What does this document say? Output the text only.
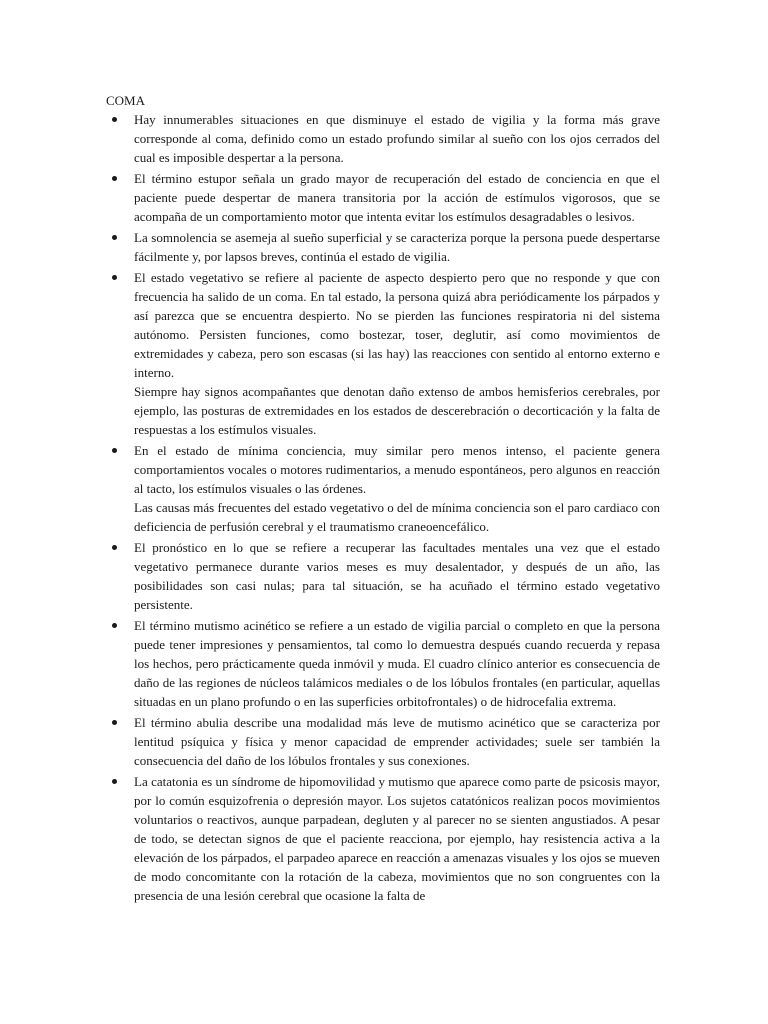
COMA

Hay innumerables situaciones en que disminuye el estado de vigilia y la forma más grave corresponde al coma, definido como un estado profundo similar al sueño con los ojos cerrados del cual es imposible despertar a la persona.

El término estupor señala un grado mayor de recuperación del estado de conciencia en que el paciente puede despertar de manera transitoria por la acción de estímulos vigorosos, que se acompaña de un comportamiento motor que intenta evitar los estímulos desagradables o lesivos.

La somnolencia se asemeja al sueño superficial y se caracteriza porque la persona puede despertarse fácilmente y, por lapsos breves, continúa el estado de vigilia.

El estado vegetativo se refiere al paciente de aspecto despierto pero que no responde y que con frecuencia ha salido de un coma. En tal estado, la persona quizá abra periódicamente los párpados y así parezca que se encuentra despierto. No se pierden las funciones respiratoria ni del sistema autónomo. Persisten funciones, como bostezar, toser, deglutir, así como movimientos de extremidades y cabeza, pero son escasas (si las hay) las reacciones con sentido al entorno externo e interno.

Siempre hay signos acompañantes que denotan daño extenso de ambos hemisferios cerebrales, por ejemplo, las posturas de extremidades en los estados de descerebración o decorticación y la falta de respuestas a los estímulos visuales.

En el estado de mínima conciencia, muy similar pero menos intenso, el paciente genera comportamientos vocales o motores rudimentarios, a menudo espontáneos, pero algunos en reacción al tacto, los estímulos visuales o las órdenes.

Las causas más frecuentes del estado vegetativo o del de mínima conciencia son el paro cardiaco con deficiencia de perfusión cerebral y el traumatismo craneoencefálico.

El pronóstico en lo que se refiere a recuperar las facultades mentales una vez que el estado vegetativo permanece durante varios meses es muy desalentador, y después de un año, las posibilidades son casi nulas; para tal situación, se ha acuñado el término estado vegetativo persistente.

El término mutismo acinético se refiere a un estado de vigilia parcial o completo en que la persona puede tener impresiones y pensamientos, tal como lo demuestra después cuando recuerda y repasa los hechos, pero prácticamente queda inmóvil y muda. El cuadro clínico anterior es consecuencia de daño de las regiones de núcleos talámicos mediales o de los lóbulos frontales (en particular, aquellas situadas en un plano profundo o en las superficies orbitofrontales) o de hidrocefalia extrema.

El término abulia describe una modalidad más leve de mutismo acinético que se caracteriza por lentitud psíquica y física y menor capacidad de emprender actividades; suele ser también la consecuencia del daño de los lóbulos frontales y sus conexiones.

La catatonia es un síndrome de hipomovilidad y mutismo que aparece como parte de psicosis mayor, por lo común esquizofrenia o depresión mayor. Los sujetos catatónicos realizan pocos movimientos voluntarios o reactivos, aunque parpadean, degluten y al parecer no se sienten angustiados. A pesar de todo, se detectan signos de que el paciente reacciona, por ejemplo, hay resistencia activa a la elevación de los párpados, el parpadeo aparece en reacción a amenazas visuales y los ojos se mueven de modo concomitante con la rotación de la cabeza, movimientos que no son congruentes con la presencia de una lesión cerebral que ocasione la falta de
